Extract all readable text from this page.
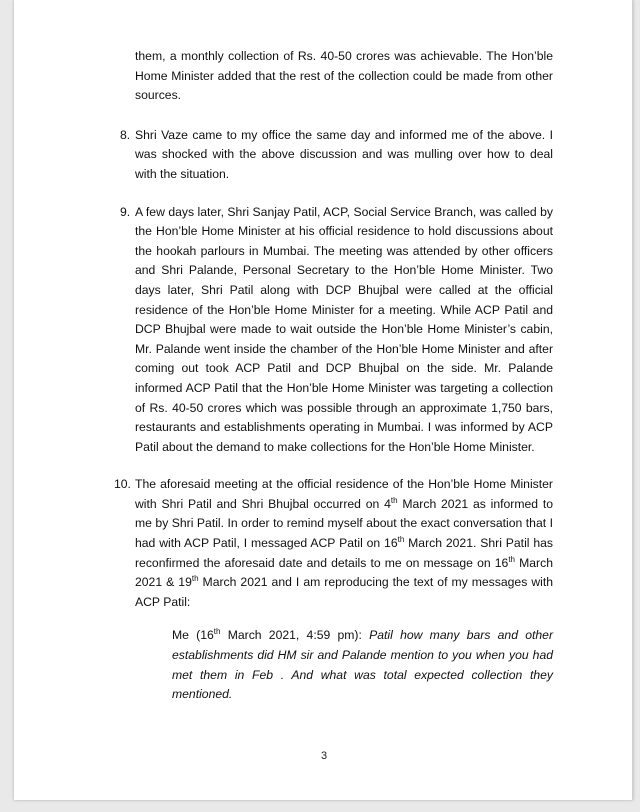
them, a monthly collection of Rs. 40-50 crores was achievable. The Hon’ble Home Minister added that the rest of the collection could be made from other sources.
8. Shri Vaze came to my office the same day and informed me of the above. I was shocked with the above discussion and was mulling over how to deal with the situation.
9. A few days later, Shri Sanjay Patil, ACP, Social Service Branch, was called by the Hon’ble Home Minister at his official residence to hold discussions about the hookah parlours in Mumbai. The meeting was attended by other officers and Shri Palande, Personal Secretary to the Hon’ble Home Minister. Two days later, Shri Patil along with DCP Bhujbal were called at the official residence of the Hon’ble Home Minister for a meeting. While ACP Patil and DCP Bhujbal were made to wait outside the Hon’ble Home Minister’s cabin, Mr. Palande went inside the chamber of the Hon’ble Home Minister and after coming out took ACP Patil and DCP Bhujbal on the side. Mr. Palande informed ACP Patil that the Hon’ble Home Minister was targeting a collection of Rs. 40-50 crores which was possible through an approximate 1,750 bars, restaurants and establishments operating in Mumbai. I was informed by ACP Patil about the demand to make collections for the Hon’ble Home Minister.
10. The aforesaid meeting at the official residence of the Hon’ble Home Minister with Shri Patil and Shri Bhujbal occurred on 4th March 2021 as informed to me by Shri Patil. In order to remind myself about the exact conversation that I had with ACP Patil, I messaged ACP Patil on 16th March 2021. Shri Patil has reconfirmed the aforesaid date and details to me on message on 16th March 2021 & 19th March 2021 and I am reproducing the text of my messages with ACP Patil:
Me (16th March 2021, 4:59 pm): Patil how many bars and other establishments did HM sir and Palande mention to you when you had met them in Feb . And what was total expected collection they mentioned.
3
